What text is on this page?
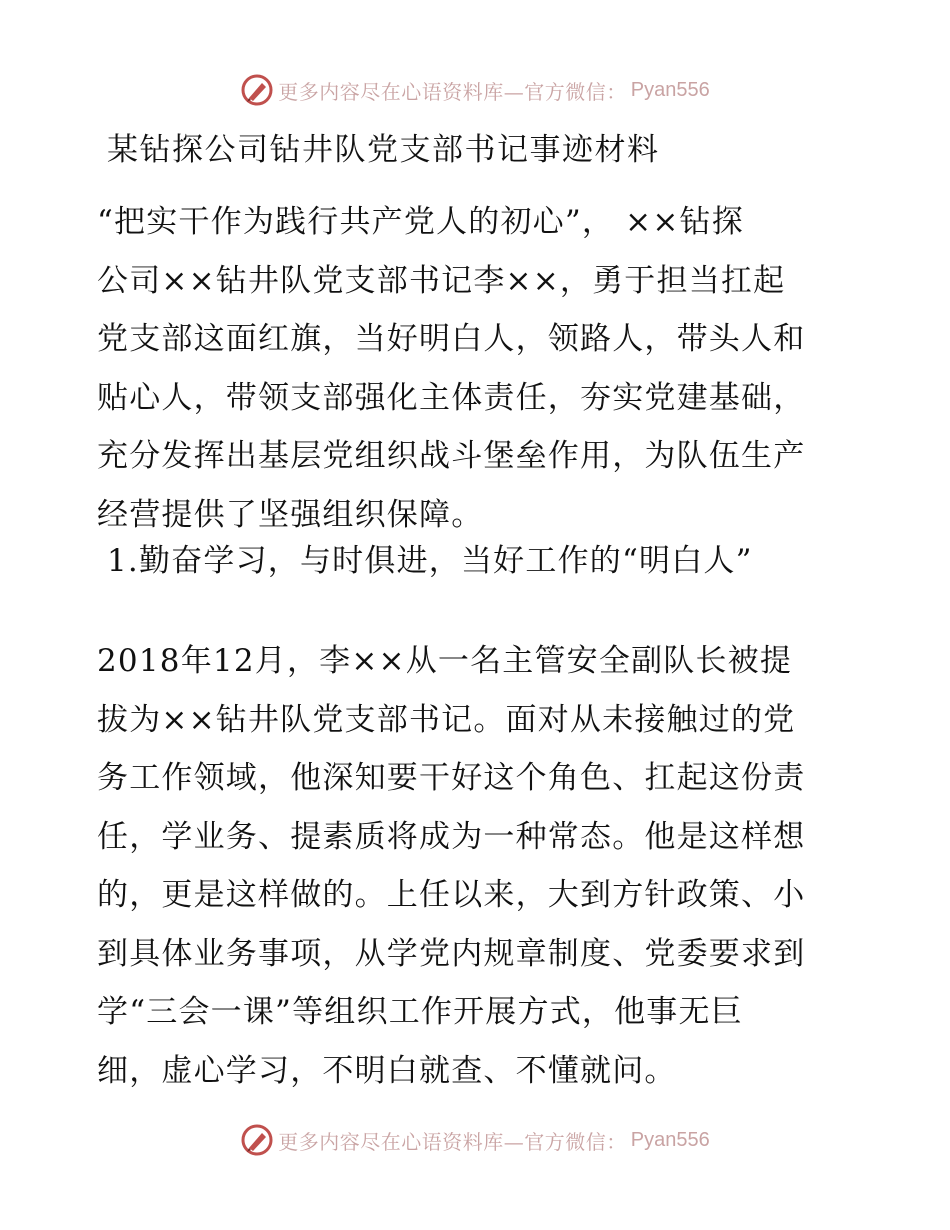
更多内容尽在心语资料库—官方微信： Pyan556
某钻探公司钻井队党支部书记事迹材料

“把实干作为践行共产党人的初心”， ××钻探
公司××钻井队党支部书记李××，勇于担当扛起
党支部这面红旗，当好明白人，领路人，带头人和
贴心人，带领支部强化主体责任，夯实党建基础，
充分发挥出基层党组织战斗堡垒作用，为队伍生产
经营提供了坚强组织保障。

1.勤奋学习，与时俱进，当好工作的“明白人”

2018年12月，李××从一名主管安全副队长被提
拔为××钻井队党支部书记。面对从未接触过的党
务工作领域，他深知要干好这个角色、扛起这份责
任，学业务、提素质将成为一种常态。他是这样想
的，更是这样做的。上任以来，大到方针政策、小
到具体业务事项，从学党内规章制度、党委要求到
学“三会一课”等组织工作开展方式，他事无巨
细，虚心学习，不明白就查、不懂就问。

更多内容尽在心语资料库—官方微信： Pyan556
